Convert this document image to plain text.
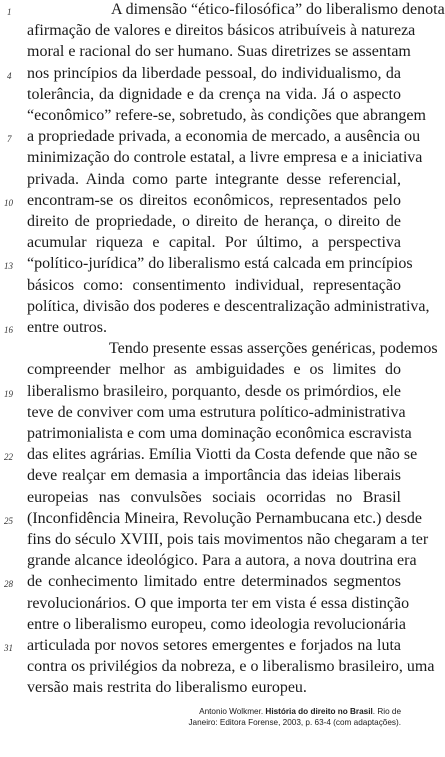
A dimensão “ético-filosófica” do liberalismo denota
afirmação de valores e direitos básicos atribuíveis à natureza
moral e racional do ser humano. Suas diretrizes se assentam
nos princípios da liberdade pessoal, do individualismo, da
tolerância, da dignidade e da crença na vida. Já o aspecto
“econômico” refere-se, sobretudo, às condições que abrangem
a propriedade privada, a economia de mercado, a ausência ou
minimização do controle estatal, a livre empresa e a iniciativa
privada. Ainda como parte integrante desse referencial,
encontram-se os direitos econômicos, representados pelo
direito de propriedade, o direito de herança, o direito de
acumular riqueza e capital. Por último, a perspectiva
“político-jurídica” do liberalismo está calcada em princípios
básicos como: consentimento individual, representação
política, divisão dos poderes e descentralização administrativa,
entre outros.
Tendo presente essas asserções genéricas, podemos
compreender melhor as ambiguidades e os limites do
liberalismo brasileiro, porquanto, desde os primórdios, ele
teve de conviver com uma estrutura político-administrativa
patrimonialista e com uma dominação econômica escravista
das elites agrárias. Emília Viotti da Costa defende que não se
deve realçar em demasia a importância das ideias liberais
europeias nas convulsões sociais ocorridas no Brasil
(Inconfidência Mineira, Revolução Pernambucana etc.) desde
fins do século XVIII, pois tais movimentos não chegaram a ter
grande alcance ideológico. Para a autora, a nova doutrina era
de conhecimento limitado entre determinados segmentos
revolucionários. O que importa ter em vista é essa distinção
entre o liberalismo europeu, como ideologia revolucionária
articulada por novos setores emergentes e forjados na luta
contra os privilégios da nobreza, e o liberalismo brasileiro, uma
versão mais restrita do liberalismo europeu.
1
4
7
10
13
16
19
22
25
28
31
Antonio Wolkmer. História do direito no Brasil. Rio de
Janeiro: Editora Forense, 2003, p. 63-4 (com adaptações).
